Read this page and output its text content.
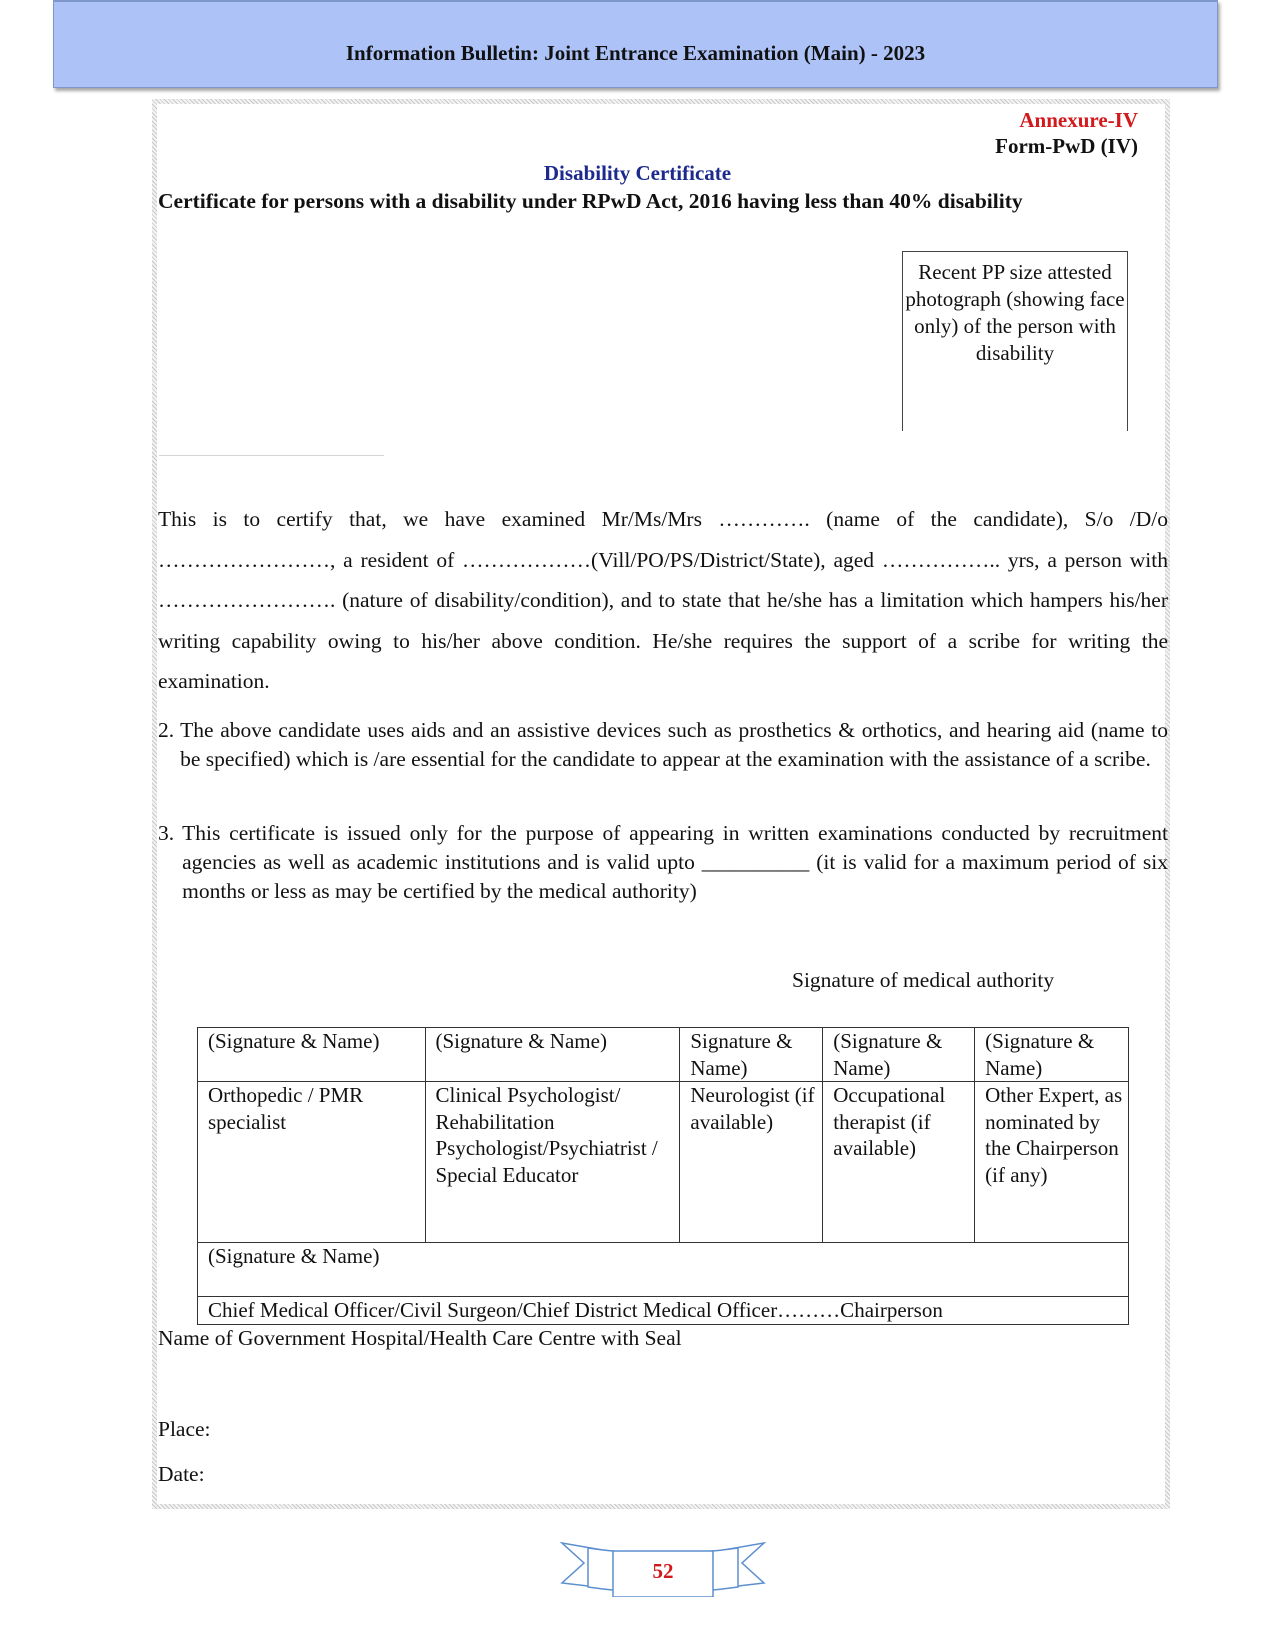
Information Bulletin: Joint Entrance Examination (Main) - 2023
Annexure-IV
Form-PwD (IV)
Disability Certificate
Certificate for persons with a disability under RPwD Act, 2016 having less than 40% disability
Recent PP size attested photograph (showing face only) of the person with disability
This is to certify that, we have examined Mr/Ms/Mrs …………. (name of the candidate), S/o /D/o ……………………, a resident of ………………(Vill/PO/PS/District/State), aged …………….. yrs, a person with ……………………. (nature of disability/condition), and to state that he/she has a limitation which hampers his/her writing capability owing to his/her above condition. He/she requires the support of a scribe for writing the examination.
2. The above candidate uses aids and an assistive devices such as prosthetics & orthotics, and hearing aid (name to be specified) which is /are essential for the candidate to appear at the examination with the assistance of a scribe.
3. This certificate is issued only for the purpose of appearing in written examinations conducted by recruitment agencies as well as academic institutions and is valid upto __________ (it is valid for a maximum period of six months or less as may be certified by the medical authority)
Signature of medical authority
(Signature & Name)	(Signature & Name)	Signature & Name)	(Signature & Name)	(Signature & Name)
Orthopedic / PMR specialist	Clinical Psychologist/ Rehabilitation Psychologist/Psychiatrist / Special Educator	Neurologist (if available)	Occupational therapist (if available)	Other Expert, as nominated by the Chairperson (if any)
(Signature & Name)				
Chief Medical Officer/Civil Surgeon/Chief District Medical Officer………Chairperson				
Name of Government Hospital/Health Care Centre with Seal
Place:
Date:
52
